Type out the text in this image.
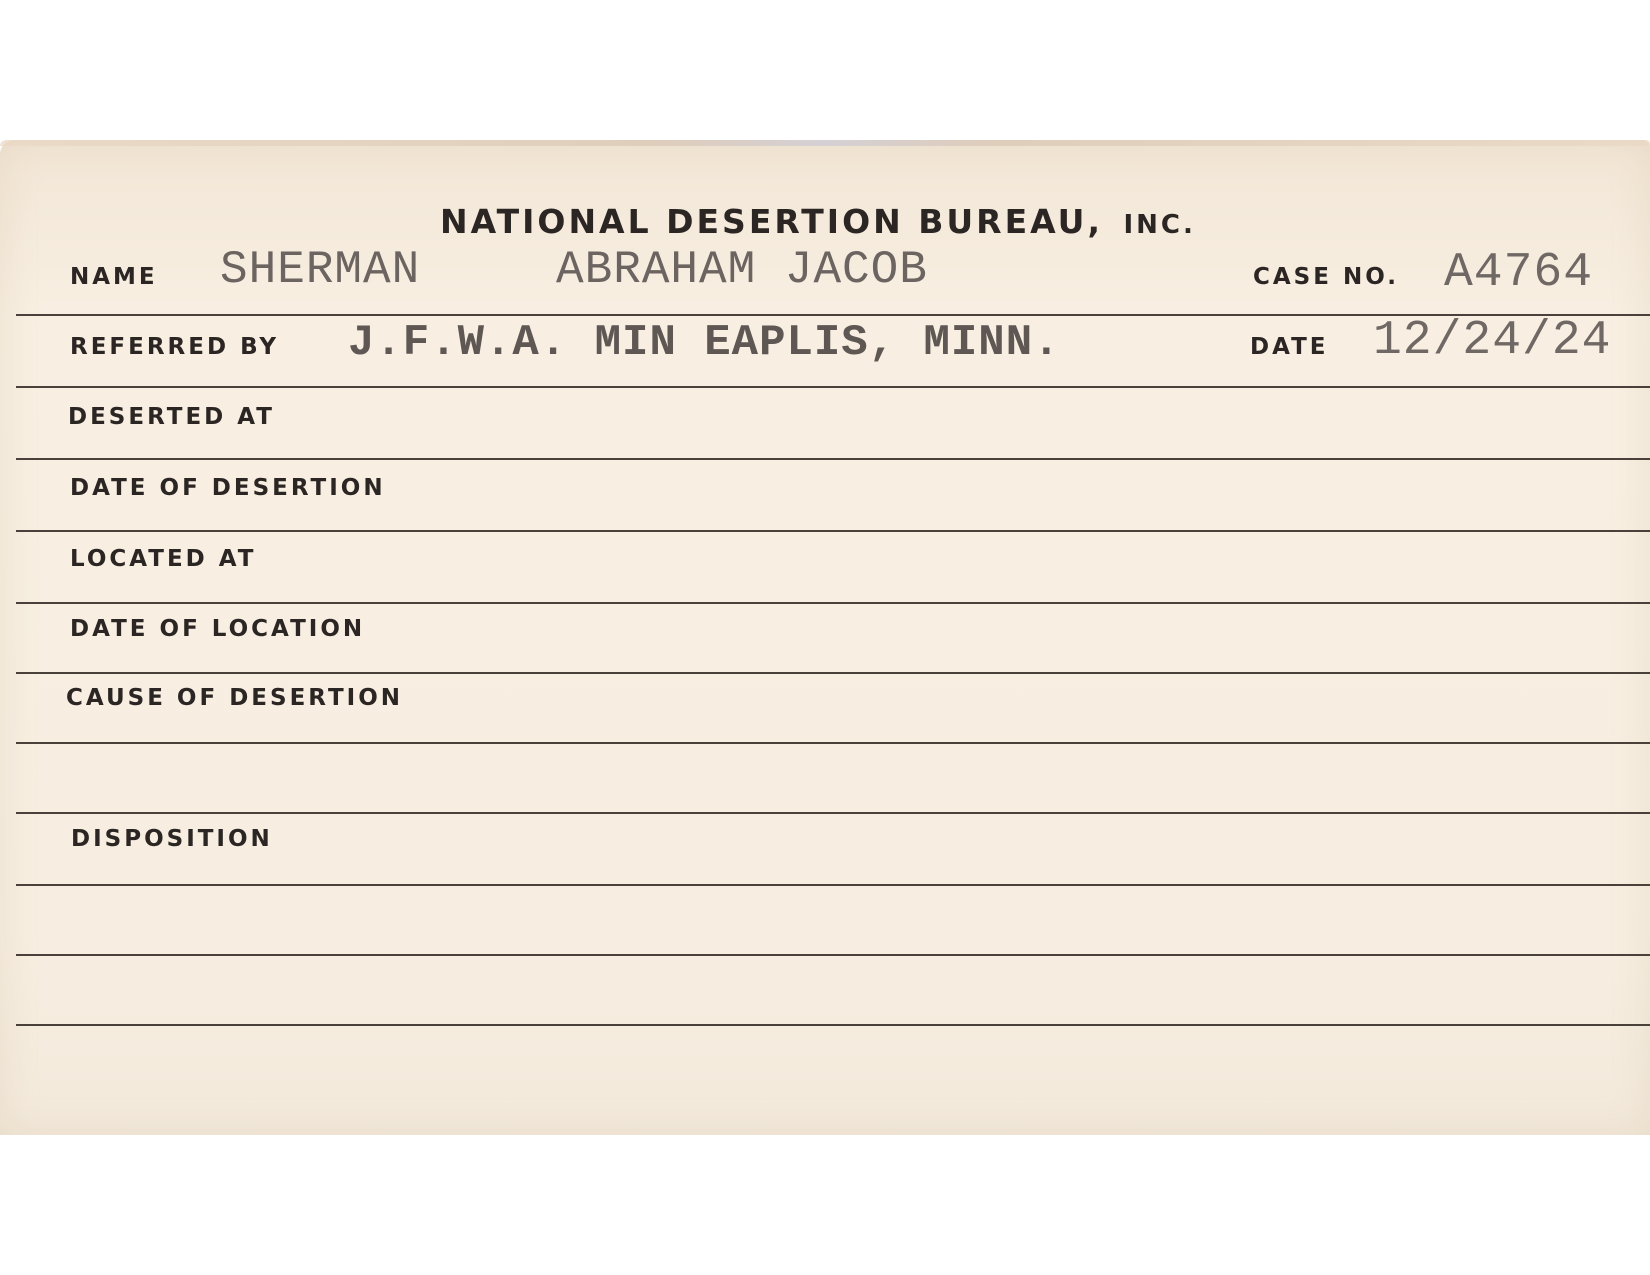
NATIONAL DESERTION BUREAU, INC.
NAME SHERMAN	ABRAHAM JACOB	CASE NO. A4764
REFERRED BY J.F.W.A. MIN EAPLIS, MINN.	DATE 12/24/24
DESERTED AT
DATE OF DESERTION
LOCATED AT
DATE OF LOCATION
CAUSE OF DESERTION
DISPOSITION
